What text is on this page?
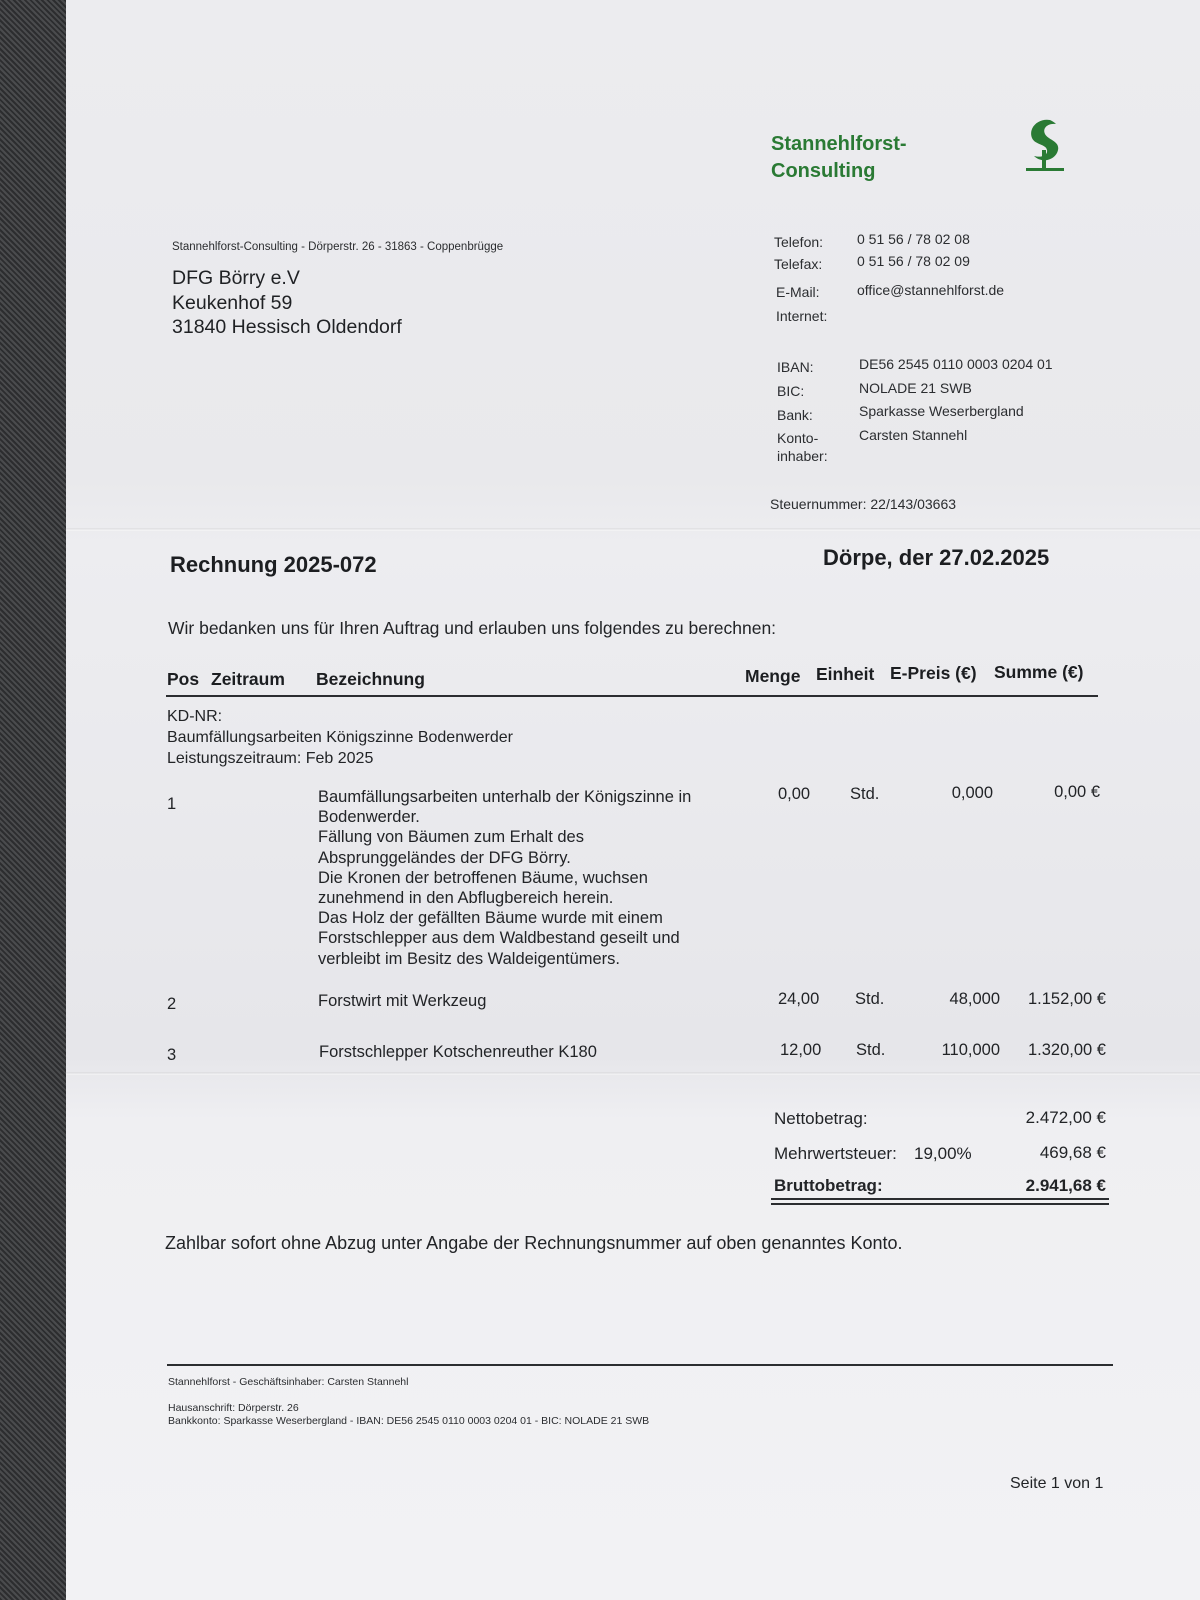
Stannehlforst-
Consulting
Stannehlforst-Consulting - Dörperstr. 26 - 31863 - Coppenbrügge
DFG Börry e.V
Keukenhof 59
31840 Hessisch Oldendorf
Telefon: 0 51 56 / 78 02 08
Telefax: 0 51 56 / 78 02 09
E-Mail:	office@stannehlforst.de
Internet:
IBAN:	DE56 2545 0110 0003 0204 01
BIC:	NOLADE 21 SWB
Bank:	Sparkasse Weserbergland
Konto-
inhaber:
Carsten Stannehl
Steuernummer: 22/143/03663
Rechnung 2025-072	Dörpe, der 27.02.2025
Wir bedanken uns für Ihren Auftrag und erlauben uns folgendes zu berechnen:
Pos Zeitraum Bezeichnung	Menge Einheit E-Preis (€) Summe (€)
KD-NR:
Baumfällungsarbeiten Königszinne Bodenwerder
Leistungszeitraum: Feb 2025
1	Baumfällungsarbeiten unterhalb der Königszinne in
Bodenwerder.
Fällung von Bäumen zum Erhalt des
Absprunggeländes der DFG Börry.
Die Kronen der betroffenen Bäume, wuchsen
zunehmend in den Abflugbereich herein.
Das Holz der gefällten Bäume wurde mit einem
Forstschlepper aus dem Waldbestand geseilt und
verbleibt im Besitz des Waldeigentümers.
0,00 Std.	0,000	0,00 €
2	Forstwirt mit Werkzeug	24,00 Std.	48,000	1.152,00 €
3	Forstschlepper Kotschenreuther K180	12,00 Std.	110,000	1.320,00 €
Nettobetrag:	2.472,00 €
Mehrwertsteuer: 19,00%	469,68 €
Bruttobetrag:	2.941,68 €
Zahlbar sofort ohne Abzug unter Angabe der Rechnungsnummer auf oben genanntes Konto.
Stannehlforst - Geschäftsinhaber: Carsten Stannehl
Hausanschrift: Dörperstr. 26
Bankkonto: Sparkasse Weserbergland - IBAN: DE56 2545 0110 0003 0204 01 - BIC: NOLADE 21 SWB
Seite 1 von 1
